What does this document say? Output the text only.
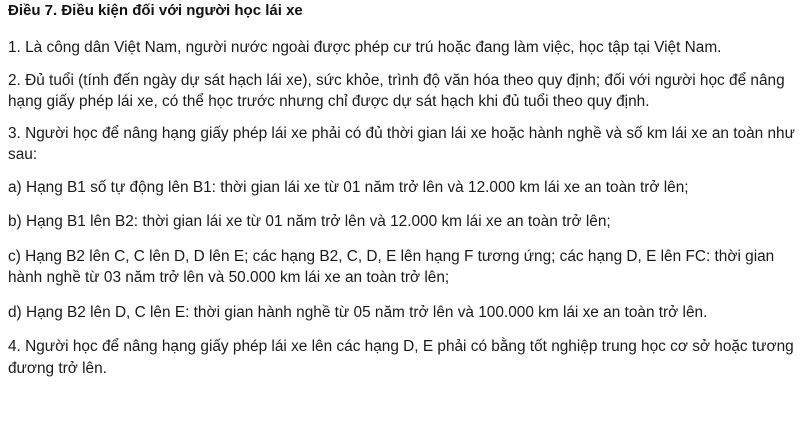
Điều 7. Điều kiện đối với người học lái xe

1. Là công dân Việt Nam, người nước ngoài được phép cư trú hoặc đang làm việc, học tập tại Việt Nam.

2. Đủ tuổi (tính đến ngày dự sát hạch lái xe), sức khỏe, trình độ văn hóa theo quy định; đối với người học để nâng hạng giấy phép lái xe, có thể học trước nhưng chỉ được dự sát hạch khi đủ tuổi theo quy định.

3. Người học để nâng hạng giấy phép lái xe phải có đủ thời gian lái xe hoặc hành nghề và số km lái xe an toàn như sau:

a) Hạng B1 số tự động lên B1: thời gian lái xe từ 01 năm trở lên và 12.000 km lái xe an toàn trở lên;

b) Hạng B1 lên B2: thời gian lái xe từ 01 năm trở lên và 12.000 km lái xe an toàn trở lên;

c) Hạng B2 lên C, C lên D, D lên E; các hạng B2, C, D, E lên hạng F tương ứng; các hạng D, E lên FC: thời gian hành nghề từ 03 năm trở lên và 50.000 km lái xe an toàn trở lên;

d) Hạng B2 lên D, C lên E: thời gian hành nghề từ 05 năm trở lên và 100.000 km lái xe an toàn trở lên.

4. Người học để nâng hạng giấy phép lái xe lên các hạng D, E phải có bằng tốt nghiệp trung học cơ sở hoặc tương đương trở lên.
